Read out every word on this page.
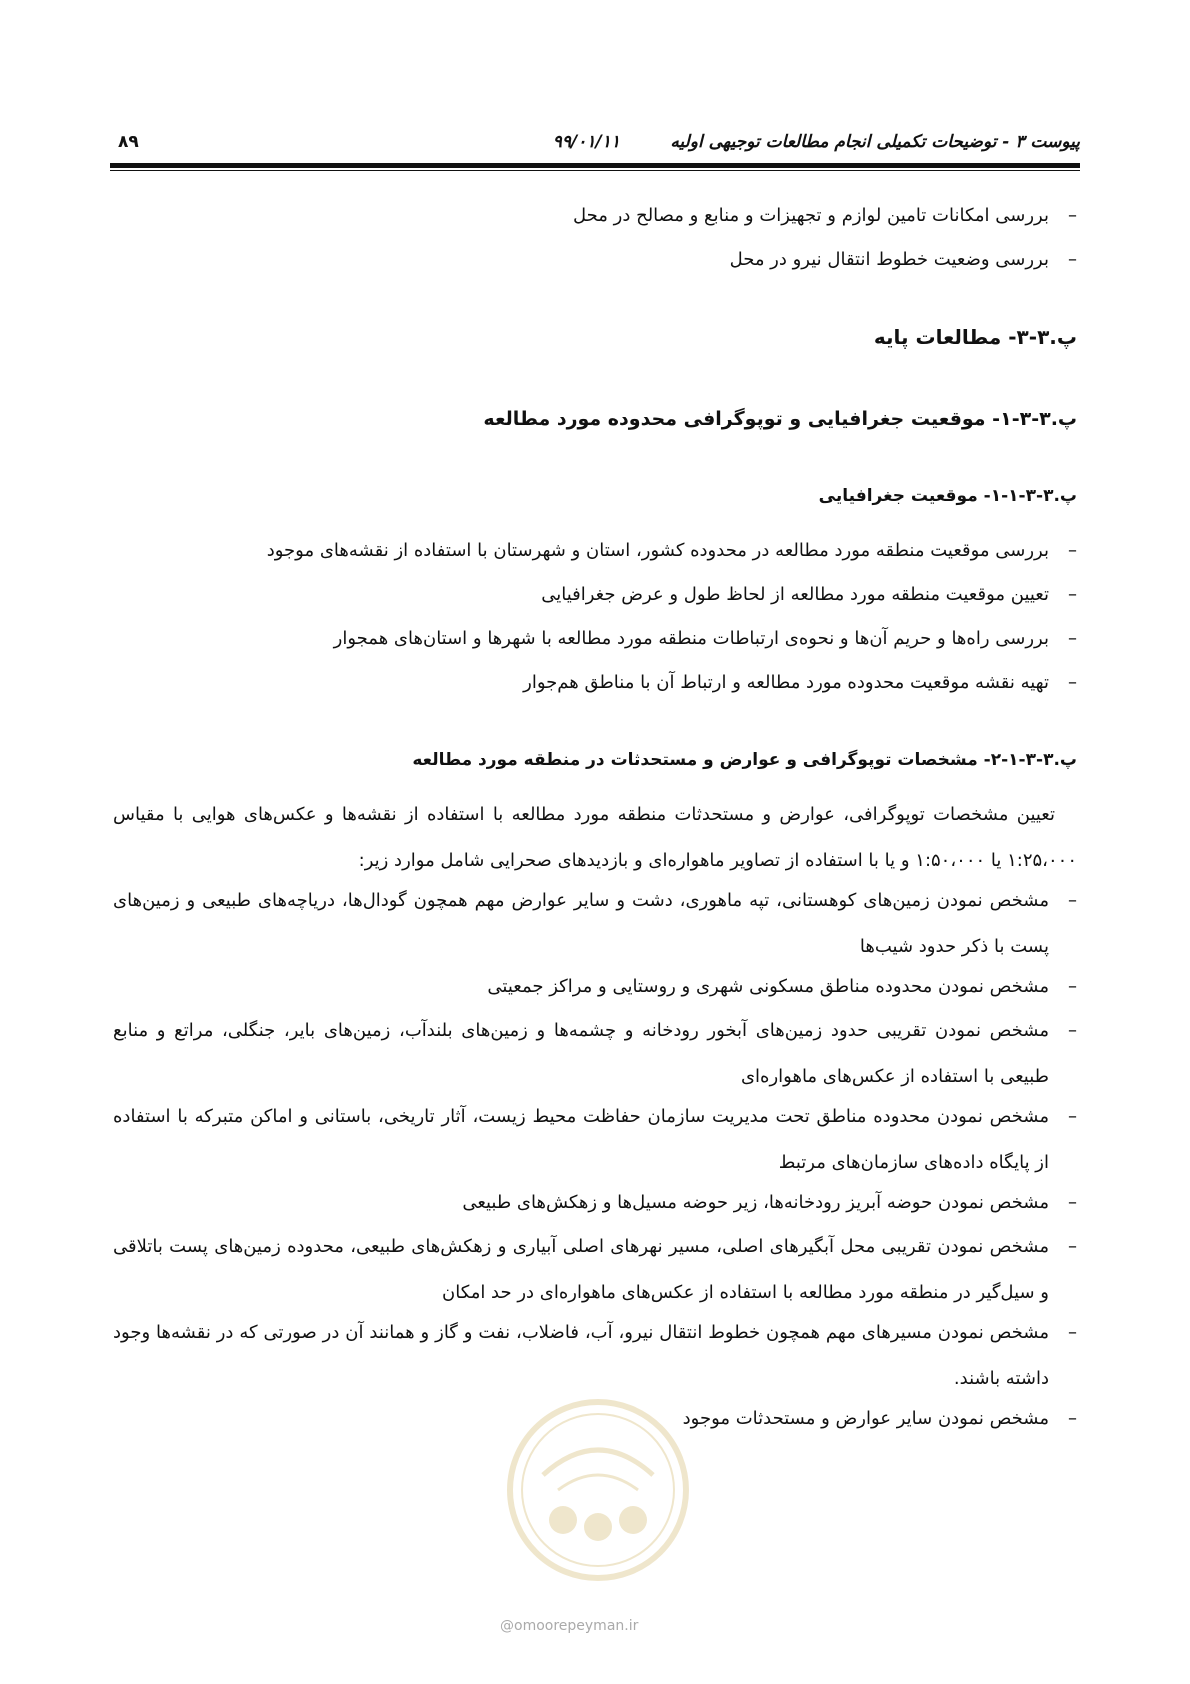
پیوست ۳ - توضیحات تکمیلی انجام مطالعات توجیهی اولیه
۹۹/۰۱/۱۱
۸۹
–
بررسی امکانات تامین لوازم و تجهیزات و منابع و مصالح در محل
–
بررسی وضعیت خطوط انتقال نیرو در محل
پ.۳-۳- مطالعات پایه
پ.۳-۳-۱- موقعیت جغرافیایی و توپوگرافی محدوده مورد مطالعه
پ.۳-۳-۱-۱- موقعیت جغرافیایی
–
بررسی موقعیت منطقه مورد مطالعه در محدوده کشور، استان و شهرستان با استفاده از نقشه‌های موجود
–
تعیین موقعیت منطقه مورد مطالعه از لحاظ طول و عرض جغرافیایی
–
بررسی راه‌ها و حریم آن‌ها و نحوه‌ی ارتباطات منطقه مورد مطالعه با شهرها و استان‌های همجوار
–
تهیه نقشه موقعیت محدوده مورد مطالعه و ارتباط آن با مناطق هم‌جوار
پ.۳-۳-۱-۲- مشخصات توپوگرافی و عوارض و مستحدثات در منطقه مورد مطالعه
تعیین مشخصات توپوگرافی، عوارض و مستحدثات منطقه مورد مطالعه با استفاده از نقشه‌ها و عکس‌های هوایی با مقیاس ۱:۲۵،۰۰۰ یا ۱:۵۰،۰۰۰ و یا با استفاده از تصاویر ماهواره‌ای و بازدیدهای صحرایی شامل موارد زیر:
–
مشخص نمودن زمین‌های کوهستانی، تپه ماهوری، دشت و سایر عوارض مهم همچون گودال‌ها، دریاچه‌های طبیعی و زمین‌های پست با ذکر حدود شیب‌ها
–
مشخص نمودن محدوده مناطق مسکونی شهری و روستایی و مراکز جمعیتی
–
مشخص نمودن تقریبی حدود زمین‌های آبخور رودخانه و چشمه‌ها و زمین‌های بلندآب، زمین‌های بایر، جنگلی، مراتع و منابع طبیعی با استفاده از عکس‌های ماهواره‌ای
–
مشخص نمودن محدوده مناطق تحت مدیریت سازمان حفاظت محیط زیست، آثار تاریخی، باستانی و اماکن متبرکه با استفاده از پایگاه داده‌های سازمان‌های مرتبط
–
مشخص نمودن حوضه آبریز رودخانه‌ها، زیر حوضه مسیل‌ها و زهکش‌های طبیعی
–
مشخص نمودن تقریبی محل آبگیرهای اصلی، مسیر نهرهای اصلی آبیاری و زهکش‌های طبیعی، محدوده زمین‌های پست باتلاقی و سیل‌گیر در منطقه مورد مطالعه با استفاده از عکس‌های ماهواره‌ای در حد امکان
–
مشخص نمودن مسیرهای مهم همچون خطوط انتقال نیرو، آب، فاضلاب، نفت و گاز و همانند آن در صورتی که در نقشه‌ها وجود داشته باشند.
–
مشخص نمودن سایر عوارض و مستحدثات موجود
@omoorepeyman.ir
